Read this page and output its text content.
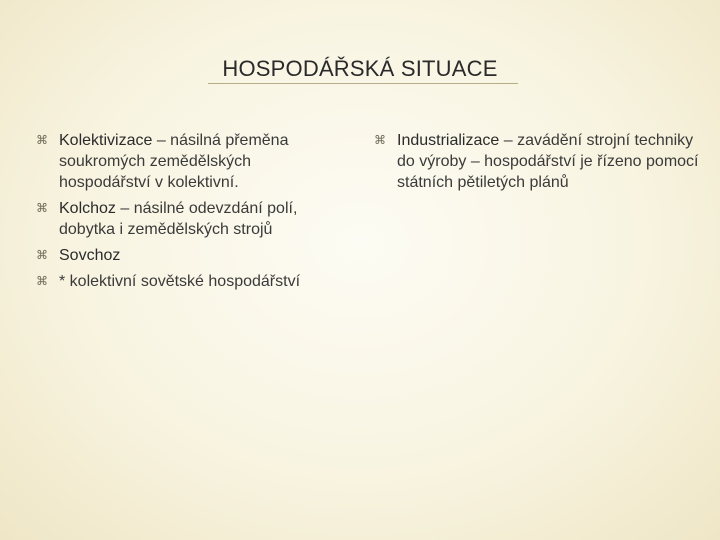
HOSPODÁŘSKÁ SITUACE
⌘ Kolektivizace – násilná přeměna soukromých zemědělských hospodářství v kolektivní.
⌘ Kolchoz – násilné odevzdání polí, dobytka i zemědělských strojů
⌘ Sovchoz
⌘ * kolektivní sovětské hospodářství
⌘ Industrializace – zavádění strojní techniky do výroby – hospodářství je řízeno pomocí státních pětiletých plánů
